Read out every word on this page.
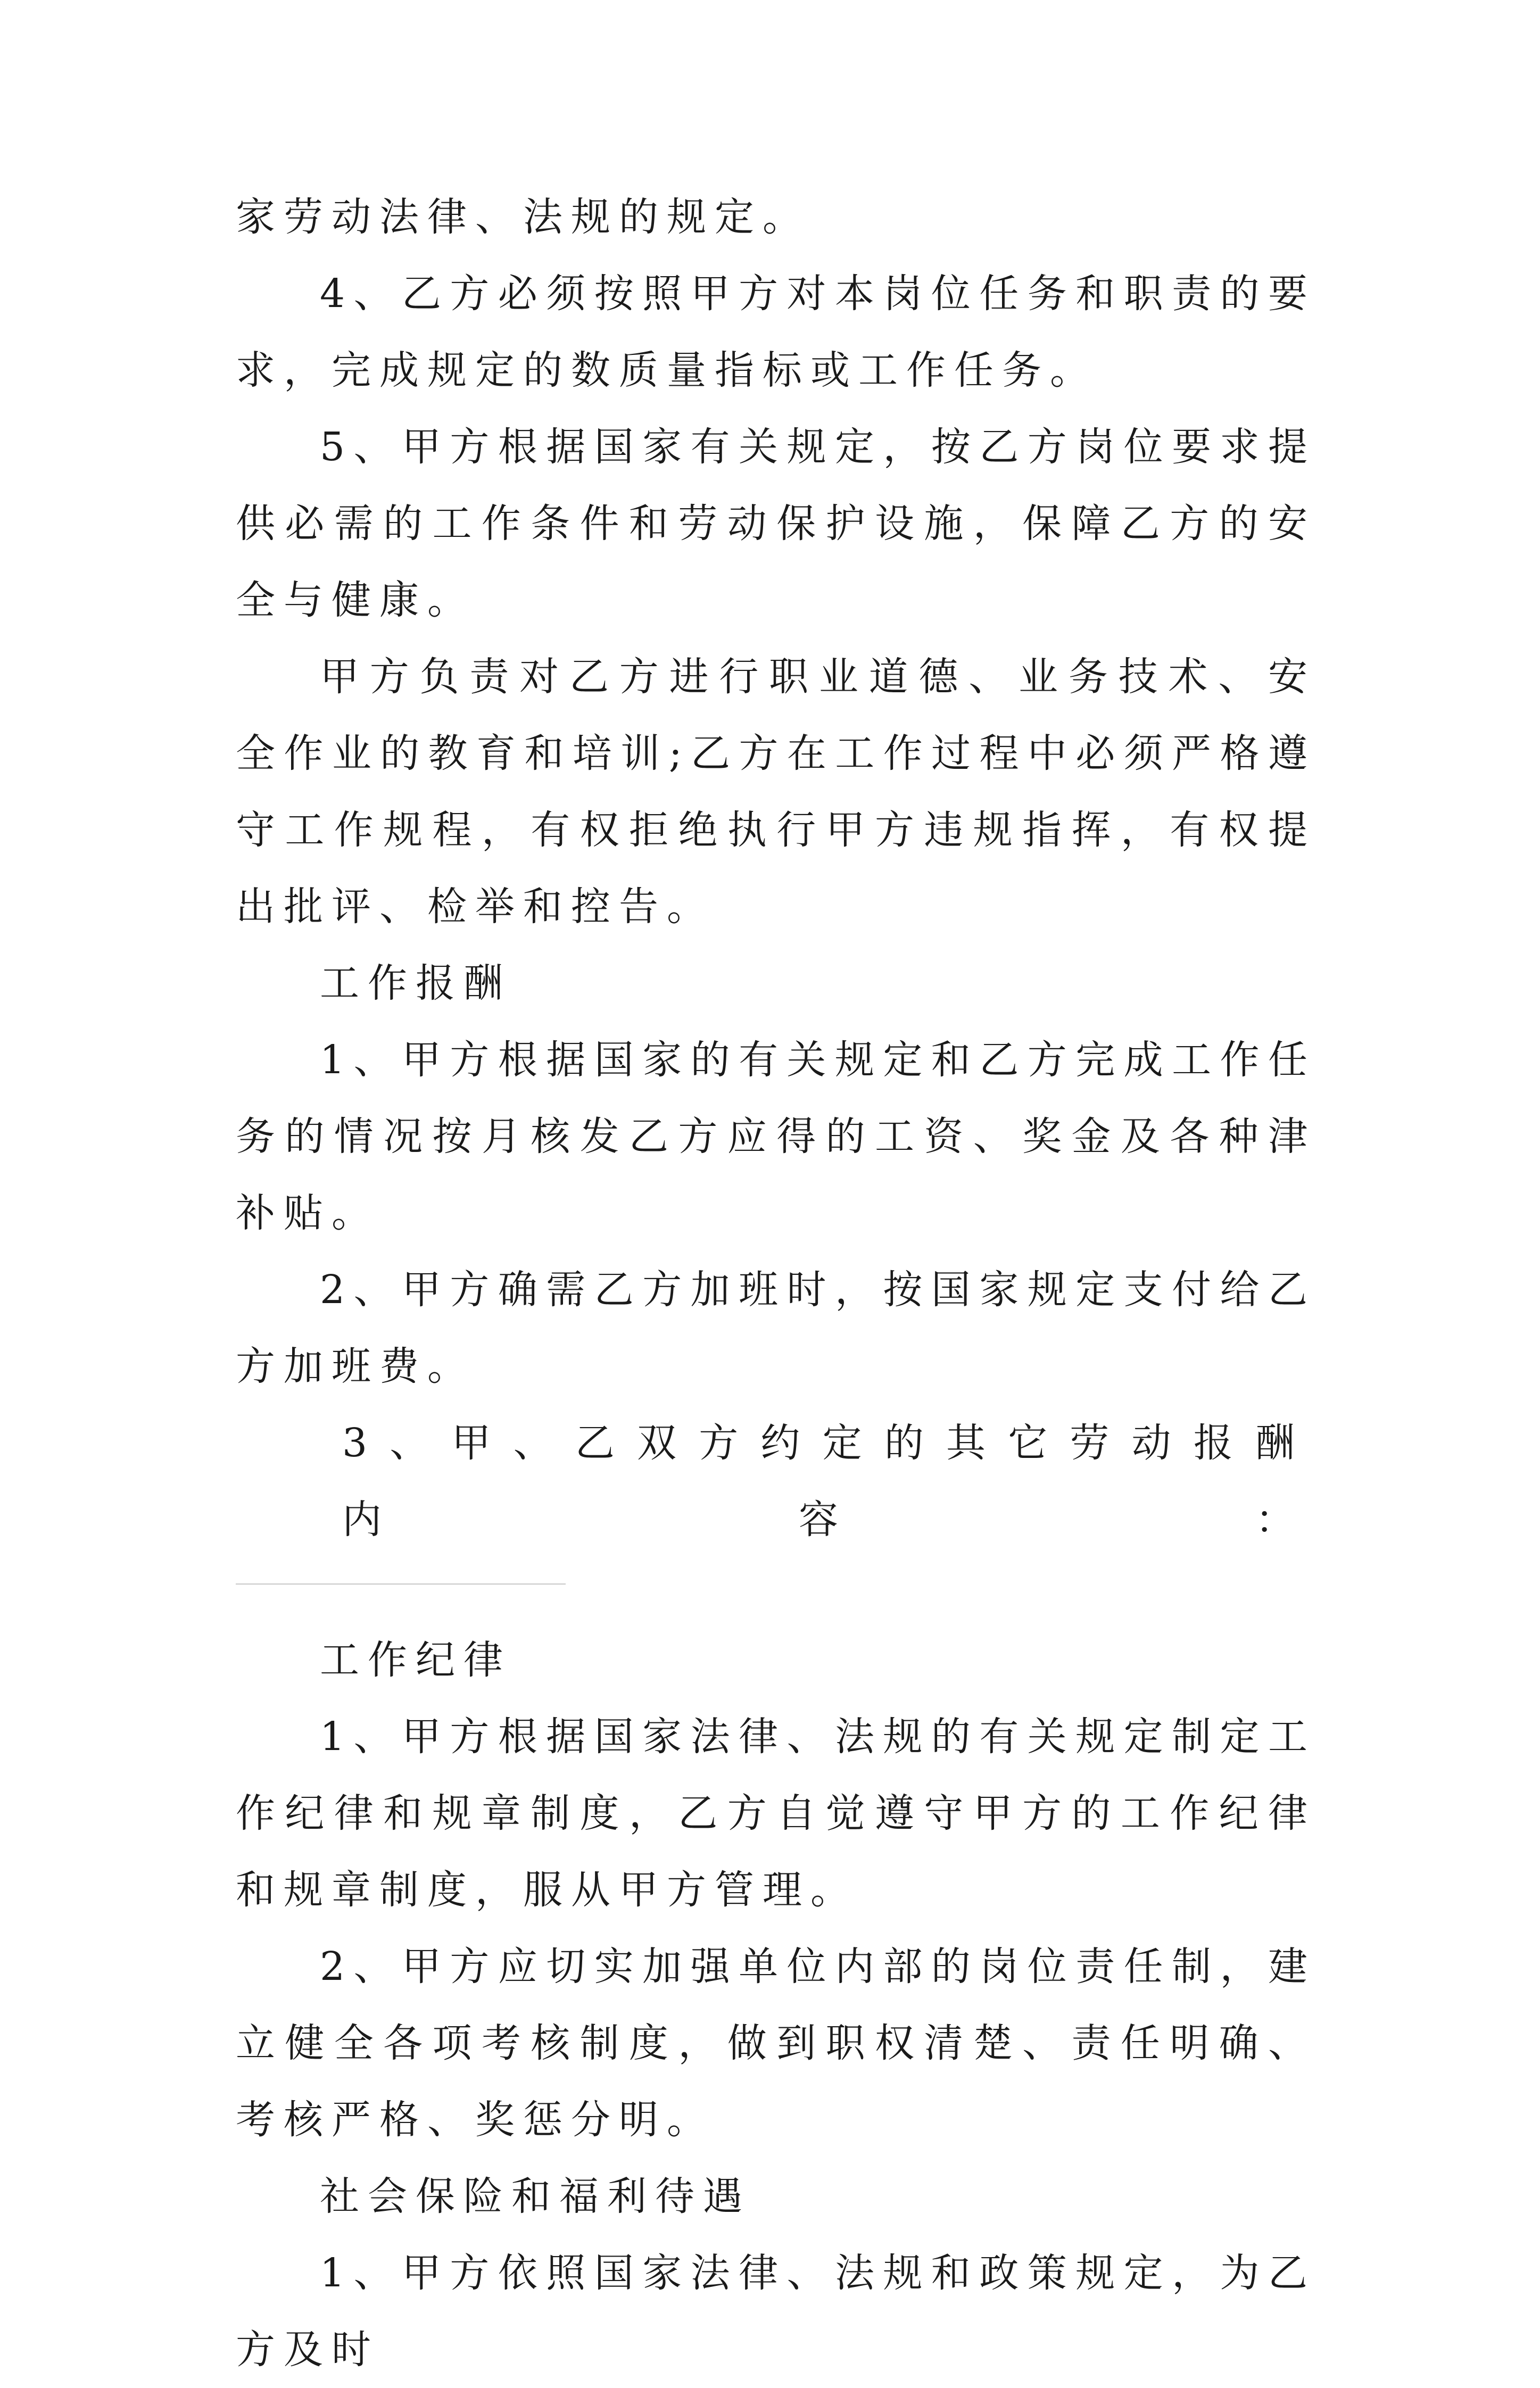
家劳动法律、法规的规定。

4、乙方必须按照甲方对本岗位任务和职责的要求，完成规定的数质量指标或工作任务。

5、甲方根据国家有关规定，按乙方岗位要求提供必需的工作条件和劳动保护设施，保障乙方的安全与健康。

甲方负责对乙方进行职业道德、业务技术、安全作业的教育和培训;乙方在工作过程中必须严格遵守工作规程，有权拒绝执行甲方违规指挥，有权提出批评、检举和控告。

工作报酬

1、甲方根据国家的有关规定和乙方完成工作任务的情况按月核发乙方应得的工资、奖金及各种津补贴。

2、甲方确需乙方加班时，按国家规定支付给乙方加班费。

3、甲、乙双方约定的其它劳动报酬内容：

工作纪律

1、甲方根据国家法律、法规的有关规定制定工作纪律和规章制度，乙方自觉遵守甲方的工作纪律和规章制度，服从甲方管理。

2、甲方应切实加强单位内部的岗位责任制，建立健全各项考核制度，做到职权清楚、责任明确、考核严格、奖惩分明。

社会保险和福利待遇

1、甲方依照国家法律、法规和政策规定，为乙方及时
